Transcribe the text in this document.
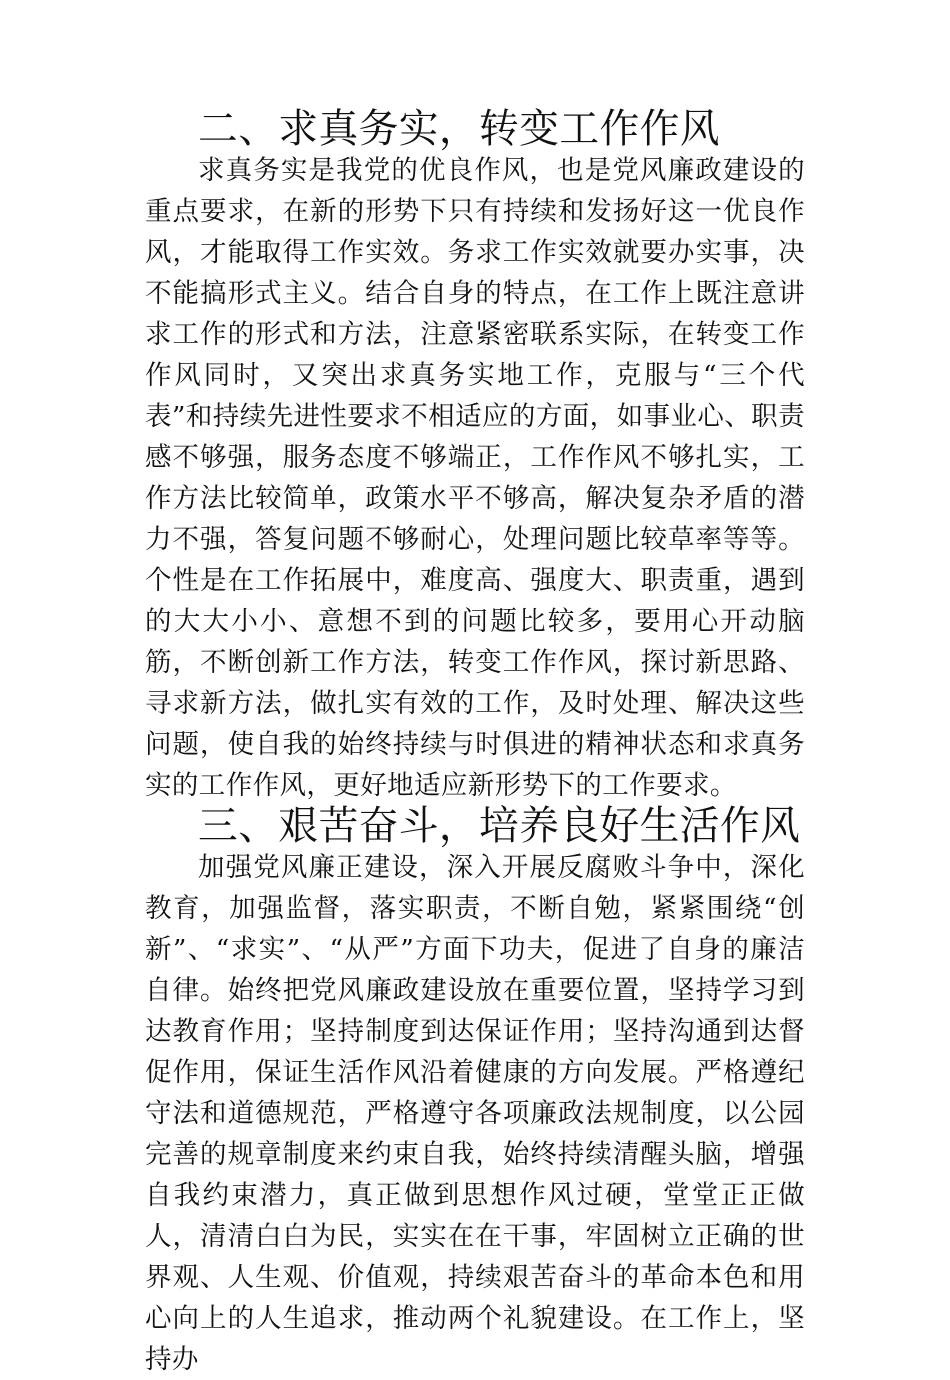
二、求真务实，转变工作作风

求真务实是我党的优良作风，也是党风廉政建设的重点要求，在新的形势下只有持续和发扬好这一优良作风，才能取得工作实效。务求工作实效就要办实事，决不能搞形式主义。结合自身的特点，在工作上既注意讲求工作的形式和方法，注意紧密联系实际，在转变工作作风同时，又突出求真务实地工作，克服与“三个代表”和持续先进性要求不相适应的方面，如事业心、职责感不够强，服务态度不够端正，工作作风不够扎实，工作方法比较简单，政策水平不够高，解决复杂矛盾的潜力不强，答复问题不够耐心，处理问题比较草率等等。个性是在工作拓展中，难度高、强度大、职责重，遇到的大大小小、意想不到的问题比较多，要用心开动脑筋，不断创新工作方法，转变工作作风，探讨新思路、寻求新方法，做扎实有效的工作，及时处理、解决这些问题，使自我的始终持续与时俱进的精神状态和求真务实的工作作风，更好地适应新形势下的工作要求。

三、艰苦奋斗，培养良好生活作风

加强党风廉正建设，深入开展反腐败斗争中，深化教育，加强监督，落实职责，不断自勉，紧紧围绕“创新”、“求实”、“从严”方面下功夫，促进了自身的廉洁自律。始终把党风廉政建设放在重要位置，坚持学习到达教育作用；坚持制度到达保证作用；坚持沟通到达督促作用，保证生活作风沿着健康的方向发展。严格遵纪守法和道德规范，严格遵守各项廉政法规制度，以公园完善的规章制度来约束自我，始终持续清醒头脑，增强自我约束潜力，真正做到思想作风过硬，堂堂正正做人，清清白白为民，实实在在干事，牢固树立正确的世界观、人生观、价值观，持续艰苦奋斗的革命本色和用心向上的人生追求，推动两个礼貌建设。在工作上，坚持办
